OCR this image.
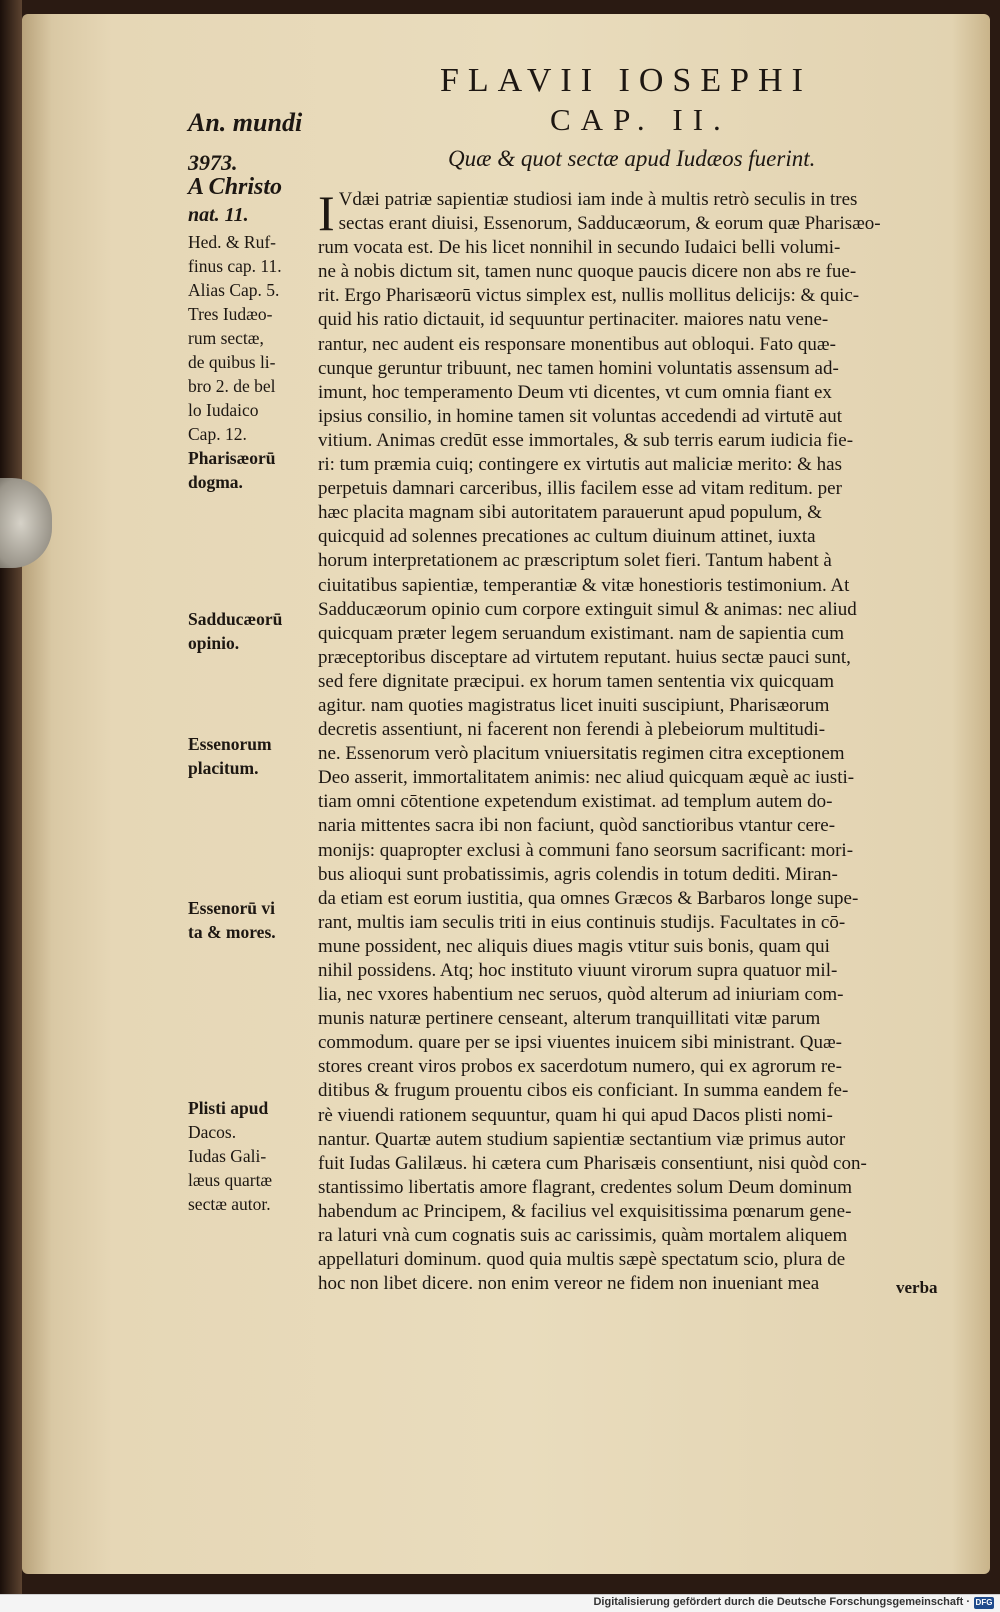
FLAVII IOSEPHI
CAP. II.
Quæ & quot sectæ apud Iudæos fuerint.
An. mundi
3973.
A Christo
nat. 11.
Hed. & Ruf-
finus cap. 11.
Alias Cap. 5.
Tres Iudæo-
rum sectæ,
de quibus li-
bro 2. de bel
lo Iudaico
Cap. 12.
Pharisæorū
dogma.
Sadducæorū
opinio.
Essenorum
placitum.
Essenorū vi
ta & mores.
Plisti apud
Dacos.
Iudas Gali-
læus quartæ
sectæ autor.
I Vdæi patriæ sapientiæ studiosi iam inde à multis retrò seculis in tres
sectas erant diuisi, Essenorum, Sadducæorum, & eorum quæ Pharisæo-
rum vocata est. De his licet nonnihil in secundo Iudaici belli volumi-
ne à nobis dictum sit, tamen nunc quoque paucis dicere non abs re fue-
rit. Ergo Pharisæorū victus simplex est, nullis mollitus delicijs: & quic-
quid his ratio dictauit, id sequuntur pertinaciter. maiores natu vene-
rantur, nec audent eis responsare monentibus aut obloqui. Fato quæ-
cunque geruntur tribuunt, nec tamen homini voluntatis assensum ad-
imunt, hoc temperamento Deum vti dicentes, vt cum omnia fiant ex
ipsius consilio, in homine tamen sit voluntas accedendi ad virtutē aut
vitium. Animas credūt esse immortales, & sub terris earum iudicia fie-
ri: tum præmia cuiq; contingere ex virtutis aut maliciæ merito: & has
perpetuis damnari carceribus, illis facilem esse ad vitam reditum. per
hæc placita magnam sibi autoritatem parauerunt apud populum, &
quicquid ad solennes precationes ac cultum diuinum attinet, iuxta
horum interpretationem ac præscriptum solet fieri. Tantum habent à
ciuitatibus sapientiæ, temperantiæ & vitæ honestioris testimonium. At
Sadducæorum opinio cum corpore extinguit simul & animas: nec aliud
quicquam præter legem seruandum existimant. nam de sapientia cum
præceptoribus disceptare ad virtutem reputant. huius sectæ pauci sunt,
sed fere dignitate præcipui. ex horum tamen sententia vix quicquam
agitur. nam quoties magistratus licet inuiti suscipiunt, Pharisæorum
decretis assentiunt, ni facerent non ferendi à plebeiorum multitudi-
ne. Essenorum verò placitum vniuersitatis regimen citra exceptionem
Deo asserit, immortalitatem animis: nec aliud quicquam æquè ac iusti-
tiam omni cōtentione expetendum existimat. ad templum autem do-
naria mittentes sacra ibi non faciunt, quòd sanctioribus vtantur cere-
monijs: quapropter exclusi à communi fano seorsum sacrificant: mori-
bus alioqui sunt probatissimis, agris colendis in totum dediti. Miran-
da etiam est eorum iustitia, qua omnes Græcos & Barbaros longe supe-
rant, multis iam seculis triti in eius continuis studijs. Facultates in cō-
mune possident, nec aliquis diues magis vtitur suis bonis, quam qui
nihil possidens. Atq; hoc instituto viuunt virorum supra quatuor mil-
lia, nec vxores habentium nec seruos, quòd alterum ad iniuriam com-
munis naturæ pertinere censeant, alterum tranquillitati vitæ parum
commodum. quare per se ipsi viuentes inuicem sibi ministrant. Quæ-
stores creant viros probos ex sacerdotum numero, qui ex agrorum re-
ditibus & frugum prouentu cibos eis conficiant. In summa eandem fe-
rè viuendi rationem sequuntur, quam hi qui apud Dacos plisti nomi-
nantur. Quartæ autem studium sapientiæ sectantium viæ primus autor
fuit Iudas Galilæus. hi cætera cum Pharisæis consentiunt, nisi quòd con-
stantissimo libertatis amore flagrant, credentes solum Deum dominum
habendum ac Principem, & facilius vel exquisitissima pœnarum gene-
ra laturi vnà cum cognatis suis ac carissimis, quàm mortalem aliquem
appellaturi dominum. quod quia multis sæpè spectatum scio, plura de
hoc non libet dicere. non enim vereor ne fidem non inueniant mea	verba
Digitalisierung gefördert durch die Deutsche Forschungsgemeinschaft · DFG
